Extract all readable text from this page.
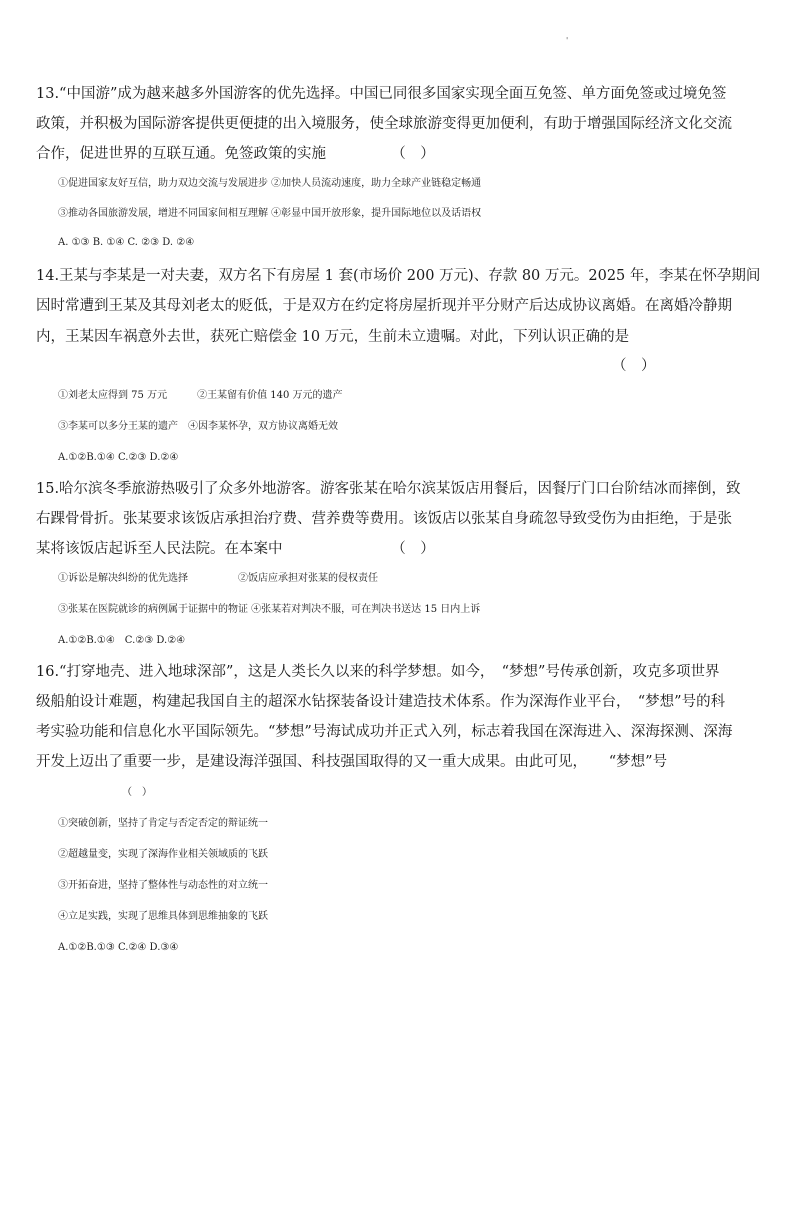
'
13.“中国游”成为越来越多外国游客的优先选择。中国已同很多国家实现全面互免签、单方面免签或过境免签
政策，并积极为国际游客提供更便捷的出入境服务，使全球旅游变得更加便利，有助于增强国际经济文化交流
合作，促进世界的互联互通。免签政策的实施　　　　　（　）
①促进国家友好互信，助力双边交流与发展进步 ②加快人员流动速度，助力全球产业链稳定畅通
③推动各国旅游发展，增进不同国家间相互理解 ④彰显中国开放形象，提升国际地位以及话语权
A. ①③ B. ①④ C. ②③ D. ②④
14.王某与李某是一对夫妻，双方名下有房屋 1 套(市场价 200 万元)、存款 80 万元。2025 年，李某在怀孕期间
因时常遭到王某及其母刘老太的贬低，于是双方在约定将房屋折现并平分财产后达成协议离婚。在离婚冷静期
内，王某因车祸意外去世，获死亡赔偿金 10 万元，生前未立遗嘱。对此，下列认识正确的是
（　）
①刘老太应得到 75 万元　　　②王某留有价值 140 万元的遗产
③李某可以多分王某的遗产　④因李某怀孕，双方协议离婚无效
A.①②B.①④ C.②③ D.②④
15.哈尔滨冬季旅游热吸引了众多外地游客。游客张某在哈尔滨某饭店用餐后，因餐厅门口台阶结冰而摔倒，致
右踝骨骨折。张某要求该饭店承担治疗费、营养费等费用。该饭店以张某自身疏忽导致受伤为由拒绝，于是张
某将该饭店起诉至人民法院。在本案中　　　　　　　　（　）
①诉讼是解决纠纷的优先选择　　　　　②饭店应承担对张某的侵权责任
③张某在医院就诊的病例属于证据中的物证 ④张某若对判决不服，可在判决书送达 15 日内上诉
A.①②B.①④　C.②③ D.②④
16.“打穿地壳、进入地球深部”，这是人类长久以来的科学梦想。如今，　“梦想”号传承创新，攻克多项世界
级船舶设计难题，构建起我国自主的超深水钻探装备设计建造技术体系。作为深海作业平台，　“梦想”号的科
考实验功能和信息化水平国际领先。“梦想”号海试成功并正式入列，标志着我国在深海进入、深海探测、深海
开发上迈出了重要一步，是建设海洋强国、科技强国取得的又一重大成果。由此可见，　　“梦想”号
（　）
①突破创新，坚持了肯定与否定否定的辩证统一
②超越量变，实现了深海作业相关领域质的飞跃
③开拓奋进，坚持了整体性与动态性的对立统一
④立足实践，实现了思维具体到思维抽象的飞跃
A.①②B.①③ C.②④ D.③④
